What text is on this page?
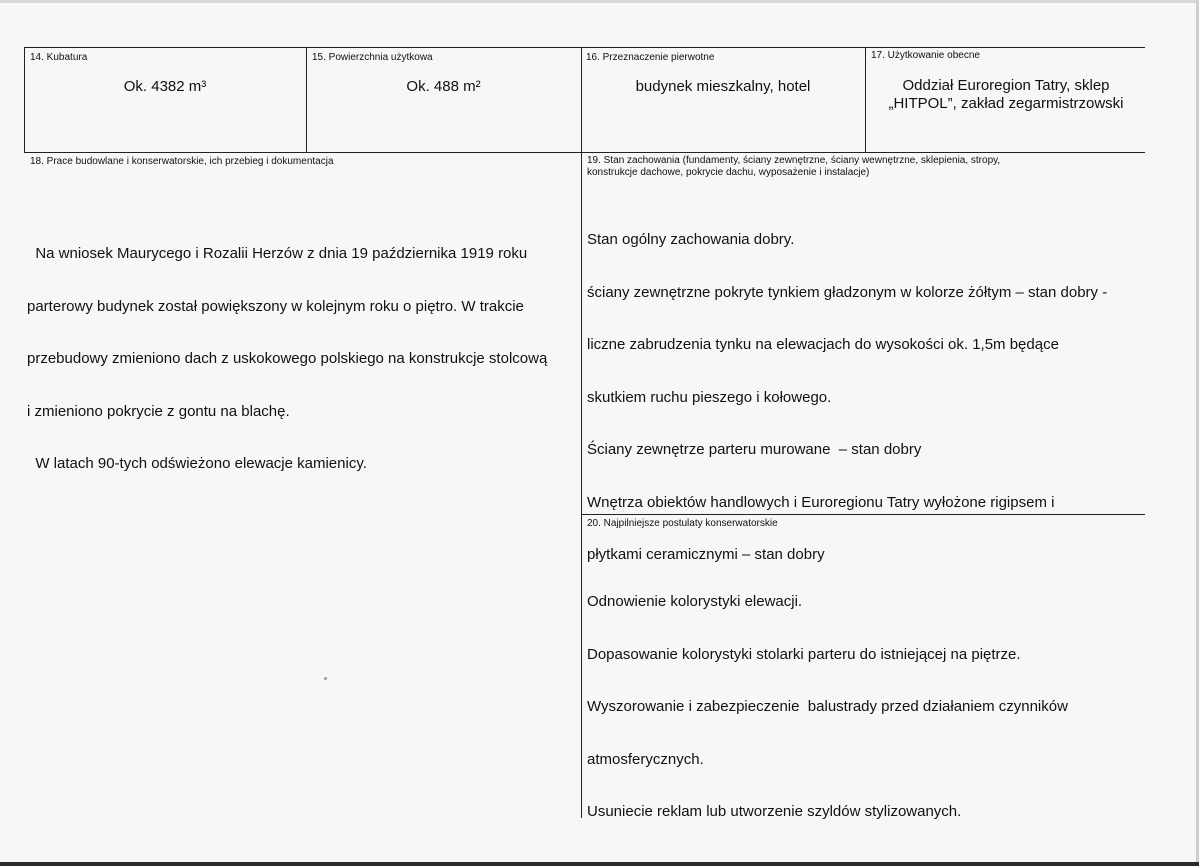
14. Kubatura
Ok. 4382 m³
15. Powierzchnia użytkowa
Ok. 488 m²
16. Przeznaczenie pierwotne
budynek mieszkalny, hotel
17. Użytkowanie obecne
Oddział Euroregion Tatry, sklep
„HITPOL”, zakład zegarmistrzowski
18. Prace budowlane i konserwatorskie, ich przebieg i dokumentacja

Na wniosek Maurycego i Rozalii Herzów z dnia 19 października 1919 roku

parterowy budynek został powiększony w kolejnym roku o piętro. W trakcie

przebudowy zmieniono dach z uskokowego polskiego na konstrukcje stolcową

i zmieniono pokrycie z gontu na blachę.

W latach 90-tych odświeżono elewacje kamienicy.

19. Stan zachowania (fundamenty, ściany zewnętrzne, ściany wewnętrzne, sklepienia, stropy,
konstrukcje dachowe, pokrycie dachu, wyposażenie i instalacje)

Stan ogólny zachowania dobry.

ściany zewnętrzne pokryte tynkiem gładzonym w kolorze żółtym – stan dobry -

liczne zabrudzenia tynku na elewacjach do wysokości ok. 1,5m będące

skutkiem ruchu pieszego i kołowego.

Ściany zewnętrze parteru murowane  – stan dobry

Wnętrza obiektów handlowych i Euroregionu Tatry wyłożone rigipsem i

płytkami ceramicznymi – stan dobry

20. Najpilniejsze postulaty konserwatorskie

Odnowienie kolorystyki elewacji.

Dopasowanie kolorystyki stolarki parteru do istniejącej na piętrze.

Wyszorowanie i zabezpieczenie  balustrady przed działaniem czynników

atmosferycznych.

Usuniecie reklam lub utworzenie szyldów stylizowanych.
